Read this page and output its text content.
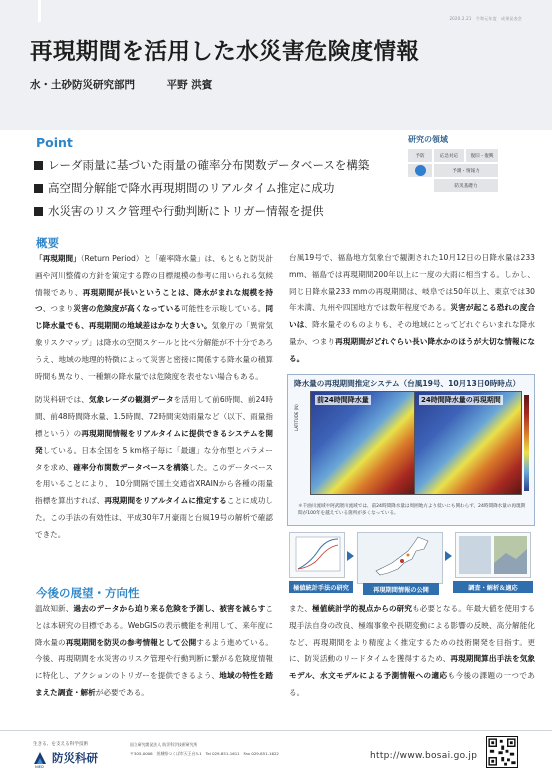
2020.2.21　令和元年度　成果発表会
再現期間を活用した水災害危険度情報
水・土砂防災研究部門	平野 洪賓
Point
レーダ雨量に基づいた雨量の確率分布関数データベースを構築
高空間分解能で降水再現期間のリアルタイム推定に成功
水災害のリスク管理や行動判断にトリガー情報を提供
研究の領域
予防	応急対応	復旧・復興
予測・情報力
防災基礎力
概要

「再現期間」（Return Period）と「確率降水量」は、もともと防災計画や河川整備の方針を策定する際の目標規模の参考に用いられる気候情報であり、再現期間が長いということは、降水がまれな規模を持つ、つまり災害の危険度が高くなっている可能性を示唆している。同じ降水量でも、再現期間の地域差はかなり大きい。気象庁の「異常気象リスクマップ」は降水の空間スケールと比べ分解能が不十分であろうえ、地域の地理的特徴によって災害と密接に関係する降水量の積算時間も異なり、一種類の降水量では危険度を表せない場合もある。

防災科研では、気象レーダの観測データを活用して前6時間、前24時間、前48時間降水量、1.5時間、72時間実効雨量など（以下、雨量指標という）の再現期間情報をリアルタイムに提供できるシステムを開発している。日本全国を 5 km格子毎に「最適」な分布型とパラメータを求め、確率分布関数データベースを構築した。このデータベースを用いることにより、 10分間隔で国土交通省XRAINから各種の雨量指標を算出すれば、再現期間をリアルタイムに推定することに成功した。この手法の有効性は、平成30年7月豪雨と台風19号の解析で確認できた。

台風19号で、福島地方気象台で観測された10月12日の日降水量は233 mm、福島では再現期間200年以上に一度の大雨に相当する。しかし、同じ日降水量233 mmの再現期間は、岐阜では50年以上、東京では30年未満、九州や四国地方では数年程度である。災害が起こる恐れの度合いは、降水量そのものよりも、その地域にとってどれぐらいまれな降水量か、つまり再現期間がどれぐらい長い降水かのほうが大切な情報になる。

降水量の再現期間推定システム（台風19号、10月13日0時時点）
LATITUDE (N)
前24時間降水量	24時間降水量の再現期間
＊千曲川流域や阿武隈川流域では、前24時間降水量は周囲地方より低いにも関わらず、24時間降水量の再現期間が100年を越えている箇所が多くなっている。
極値統計手法の研究	再現期間情報の公開	調査・解析＆適応
今後の展望・方向性

温故知新、過去のデータから迫り来る危険を予測し、被害を減らすことは本研究の目標である。WebGISの表示機能を利用して、来年度に降水量の再現期間を防災の参考情報として公開するよう進めている。今後、再現期間を水災害のリスク管理や行動判断に繋がる危険度情報に特化し、アクションのトリガーを提供できるよう、地域の特性を踏まえた調査・解析が必要である。

また、極値統計学的視点からの研究も必要となる。年最大値を使用する現手法自身の改良、極端事象や長期変動による影響の反映、高分解能化など、再現期間をより精度よく推定するための技術開発を目指す。更に、防災活動のリードタイムを獲得するため、再現期間算出手法を気象モデル、水文モデルによる予測情報への適応も今後の課題の一つである。

生きる、を支える科学技術
防災科研
NIED
国立研究開発法人 防災科学技術研究所
〒305-0006　茨城県つくば市天王台3-1　Tel 029-851-1611　Fax 029-851-1622	http://www.bosai.go.jp
